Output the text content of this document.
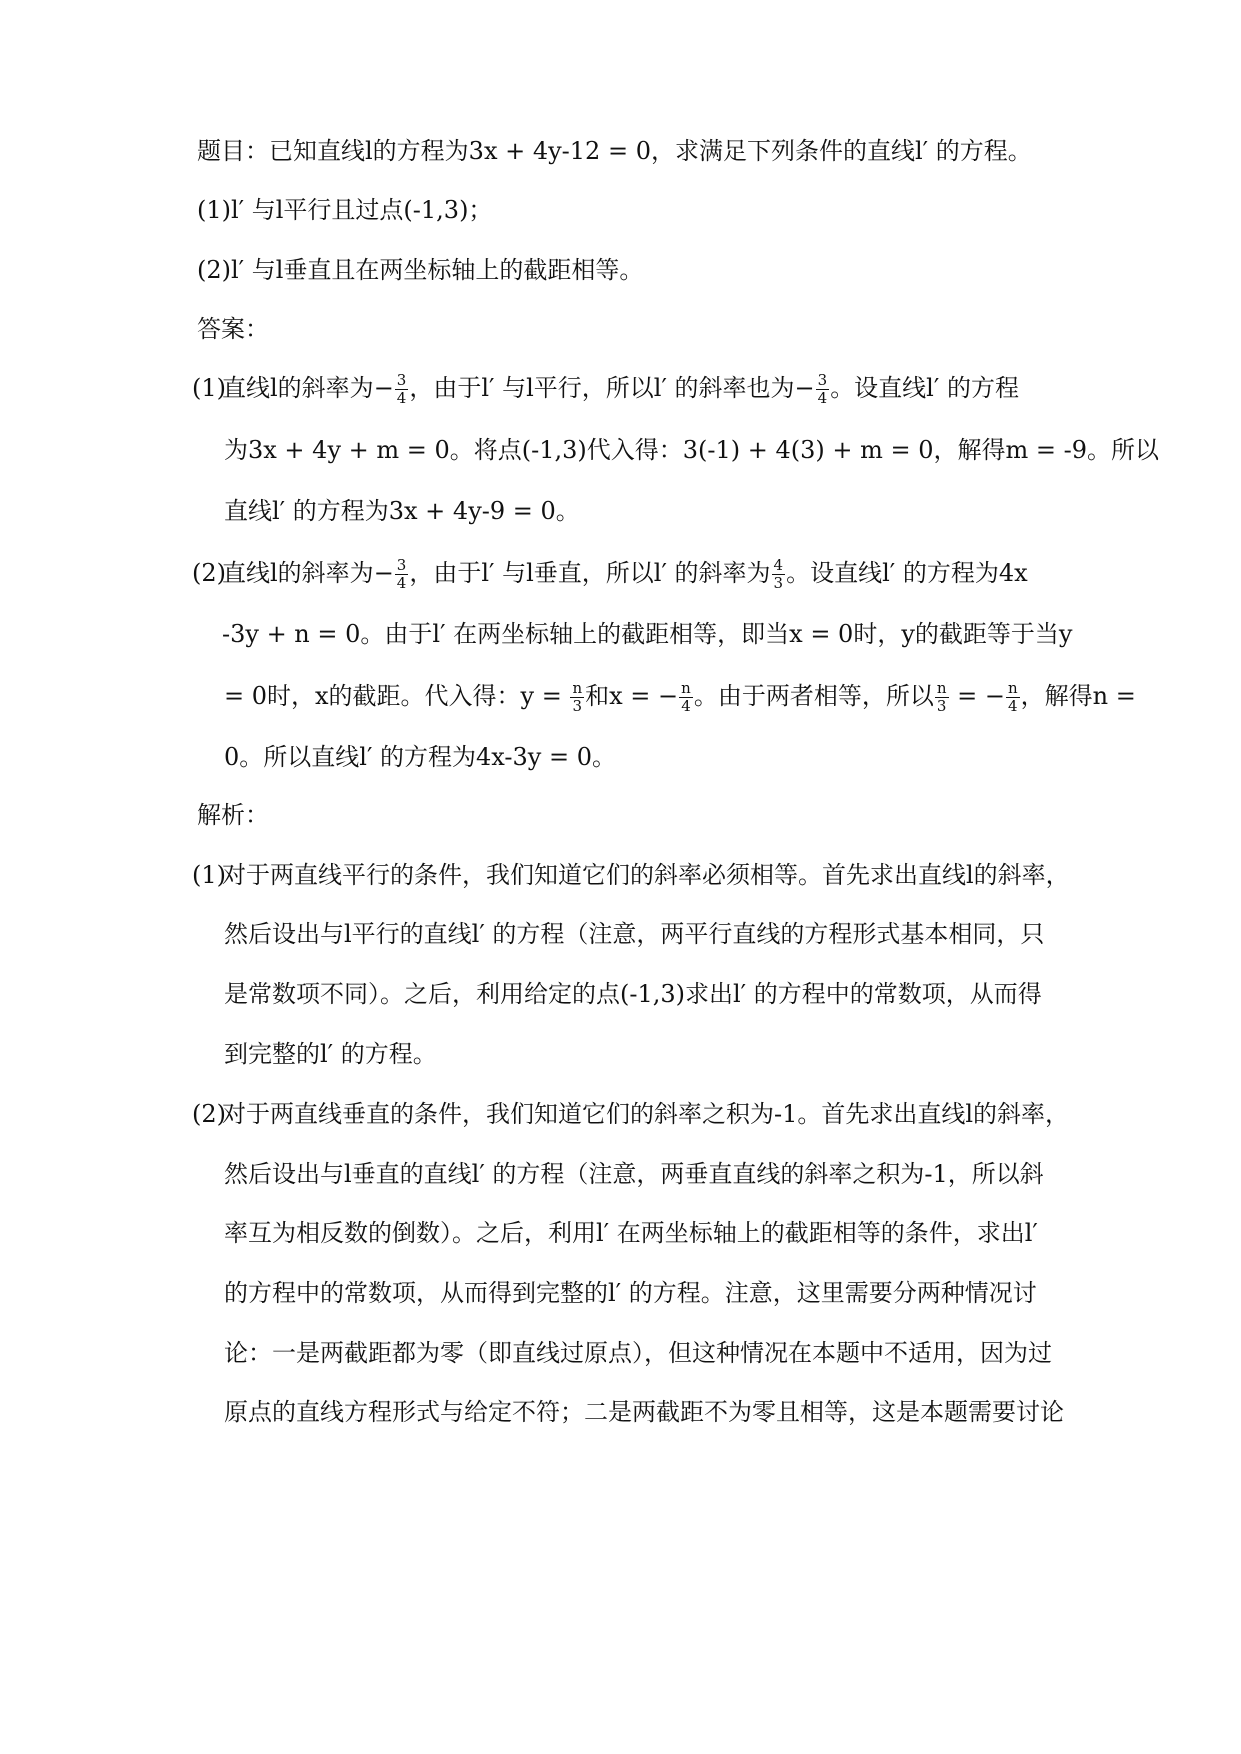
题目：已知直线l的方程为3x + 4y-12 = 0，求满足下列条件的直线l′ 的方程。
(1)l′ 与l平行且过点(-1,3)；
(2)l′ 与l垂直且在两坐标轴上的截距相等。
答案：
(1)直线l的斜率为− $\frac{3}{4}$ ，由于l′ 与l平行，所以l′ 的斜率也为− $\frac{3}{4}$ 。设直线l′ 的方程
为3x + 4y + m = 0。将点(-1,3)代入得：3(-1) + 4(3) + m = 0，解得m = -9。所以
直线l′ 的方程为3x + 4y-9 = 0。
(2)直线l的斜率为− $\frac{3}{4}$ ，由于l′ 与l垂直，所以l′ 的斜率为 $\frac{4}{3}$ 。设直线l′ 的方程为4x
-3y + n = 0。由于l′ 在两坐标轴上的截距相等，即当x = 0时，y的截距等于当y
= 0时，x的截距。代入得：$y = \frac{n}{3}$ 和x = − $\frac{n}{4}$ 。由于两者相等，所以 $\frac{n}{3}$ = − $\frac{n}{4}$ ，解得n =
0。所以直线l′ 的方程为4x-3y = 0。
解析：
(1)对于两直线平行的条件，我们知道它们的斜率必须相等。首先求出直线l的斜率，
然后设出与l平行的直线l′ 的方程（注意，两平行直线的方程形式基本相同，只
是常数项不同）。之后，利用给定的点(-1,3)求出l′ 的方程中的常数项，从而得
到完整的l′ 的方程。
(2)对于两直线垂直的条件，我们知道它们的斜率之积为-1。首先求出直线l的斜率，
然后设出与l垂直的直线l′ 的方程（注意，两垂直直线的斜率之积为-1，所以斜
率互为相反数的倒数）。之后，利用l′ 在两坐标轴上的截距相等的条件，求出l′
的方程中的常数项，从而得到完整的l′ 的方程。注意，这里需要分两种情况讨
论：一是两截距都为零（即直线过原点），但这种情况在本题中不适用，因为过
原点的直线方程形式与给定不符；二是两截距不为零且相等，这是本题需要讨论
